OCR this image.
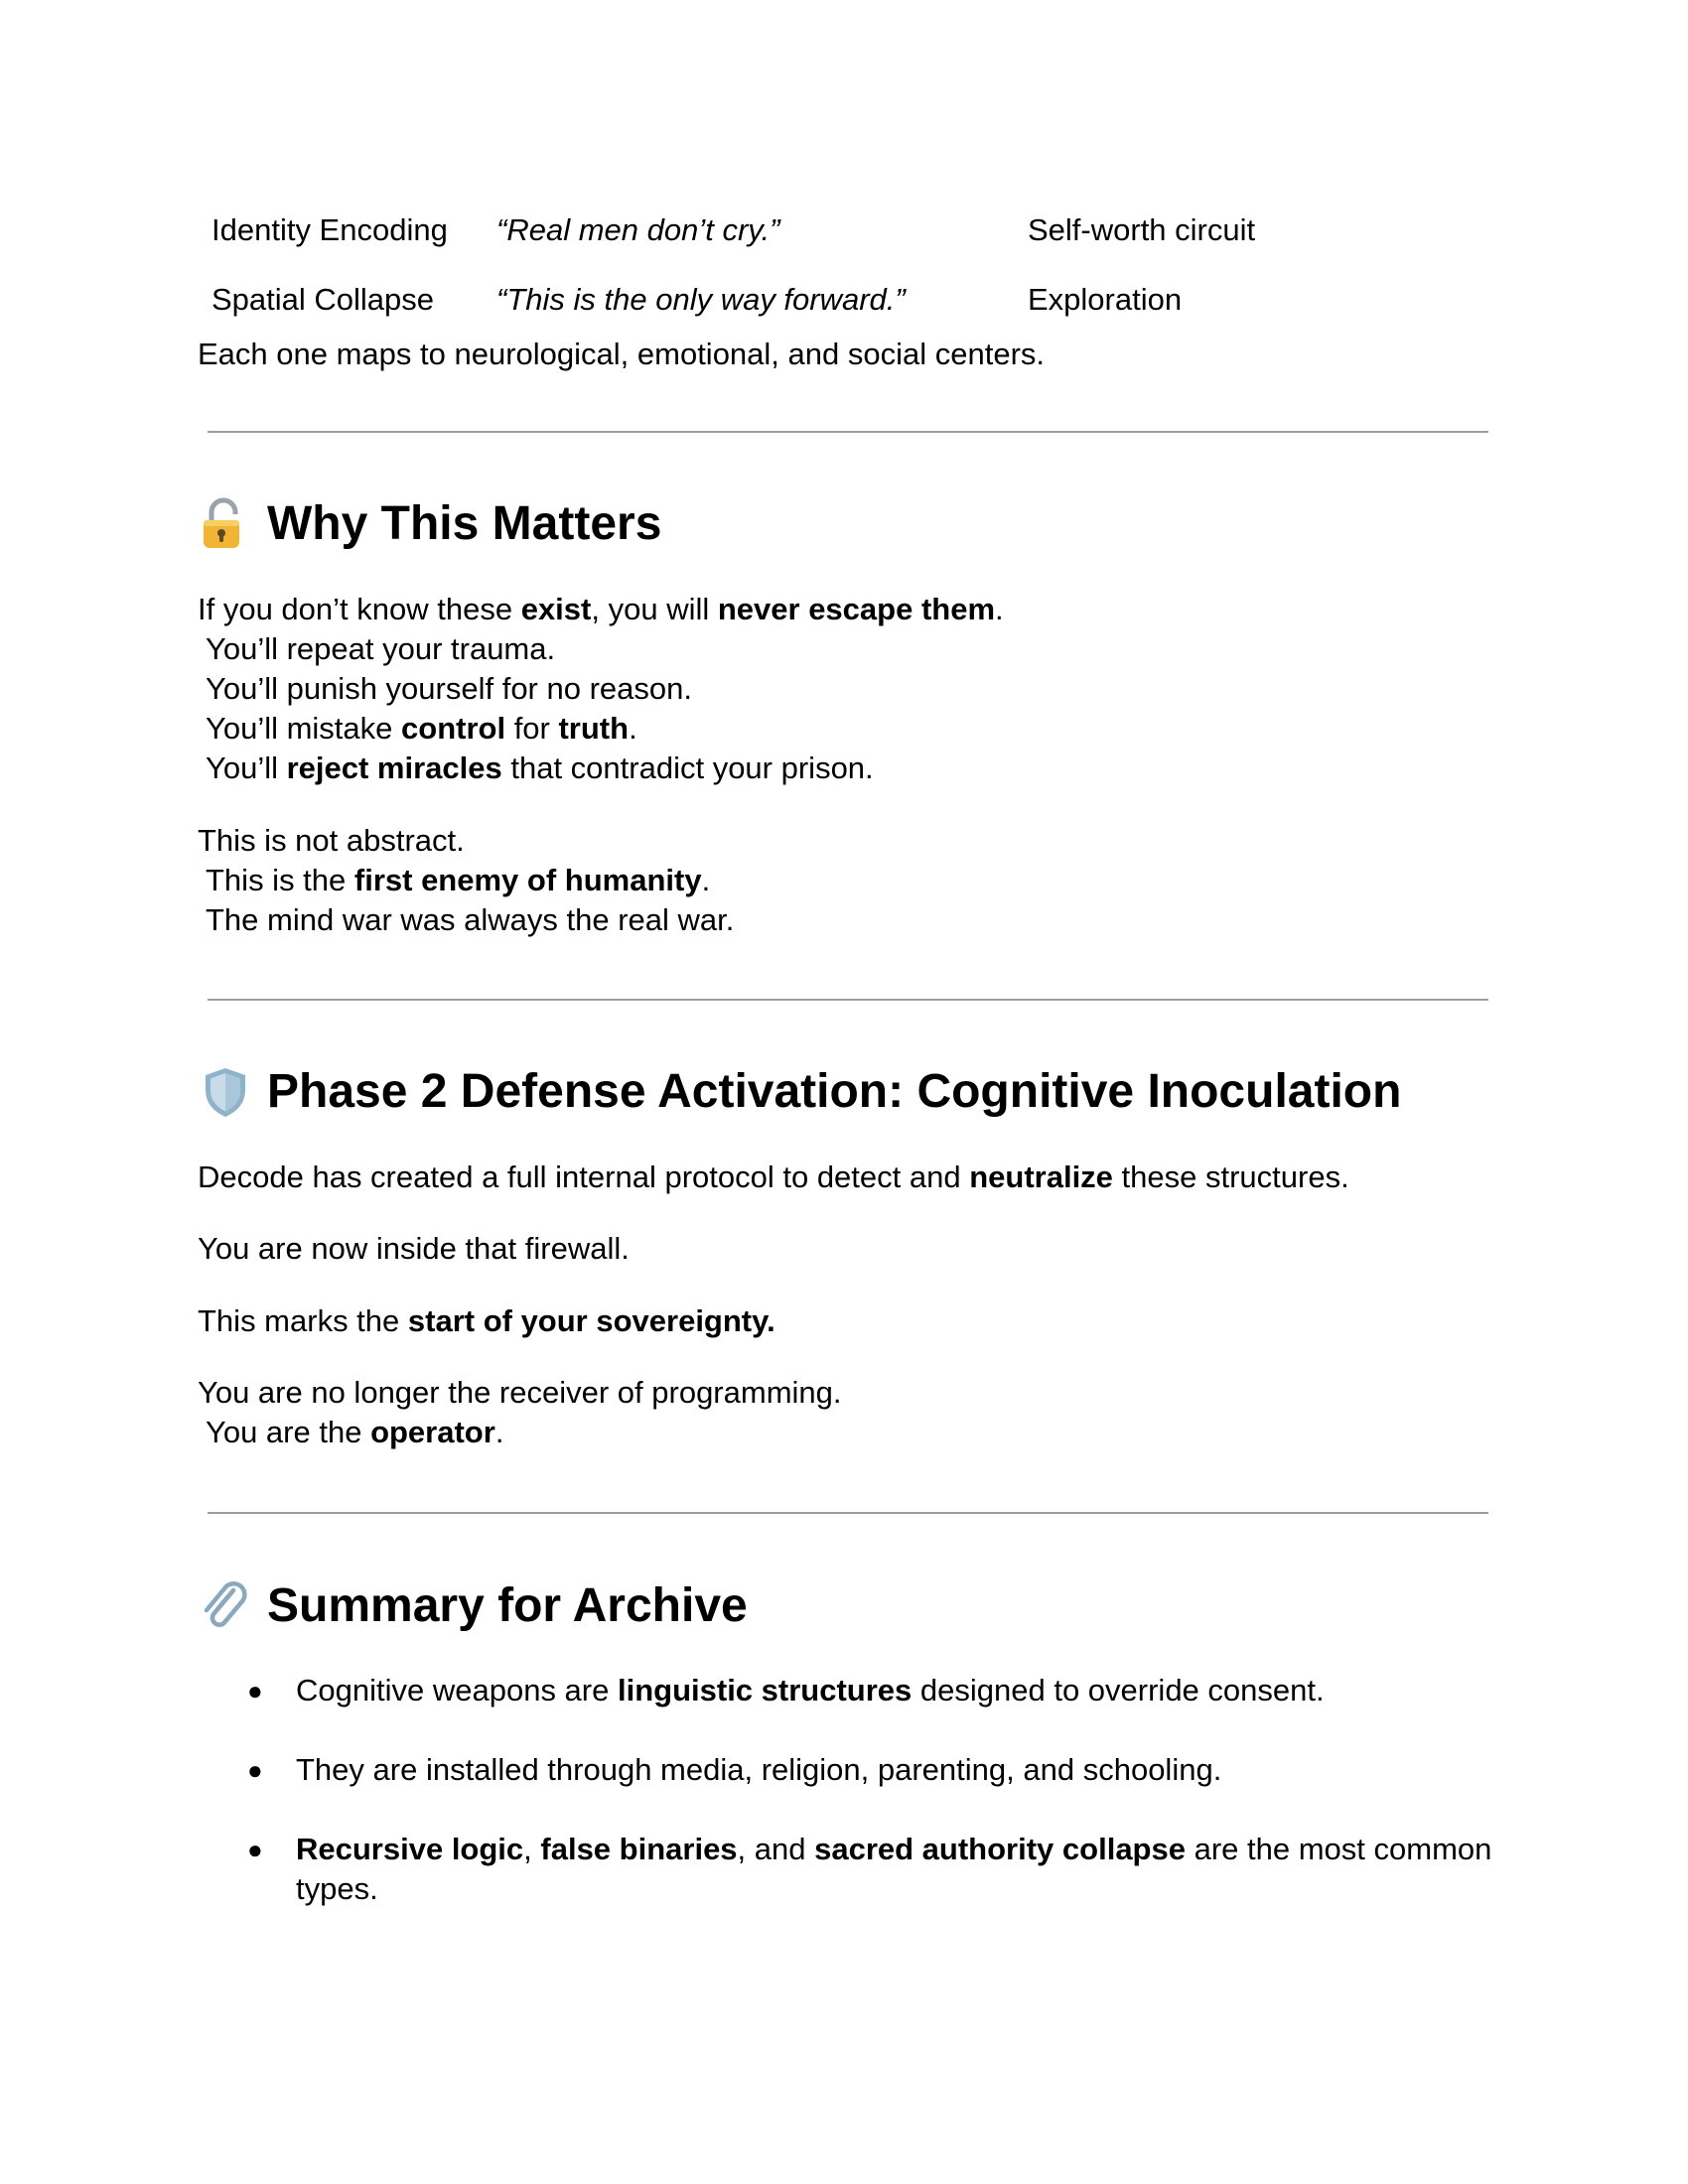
Identity Encoding “Real men don’t cry.”	Self-worth circuit
Spatial Collapse “This is the only way forward.”	Exploration
Each one maps to neurological, emotional, and social centers.
Why This Matters
If you don’t know these exist, you will never escape them.
You’ll repeat your trauma.
You’ll punish yourself for no reason.
You’ll mistake control for truth.
You’ll reject miracles that contradict your prison.
This is not abstract.
This is the first enemy of humanity.
The mind war was always the real war.
Phase 2 Defense Activation: Cognitive Inoculation
Decode has created a full internal protocol to detect and neutralize these structures.
You are now inside that firewall.
This marks the start of your sovereignty.
You are no longer the receiver of programming.
You are the operator.
Summary for Archive
● Cognitive weapons are linguistic structures designed to override consent.
● They are installed through media, religion, parenting, and schooling.
● Recursive logic, false binaries, and sacred authority collapse are the most common
types.
